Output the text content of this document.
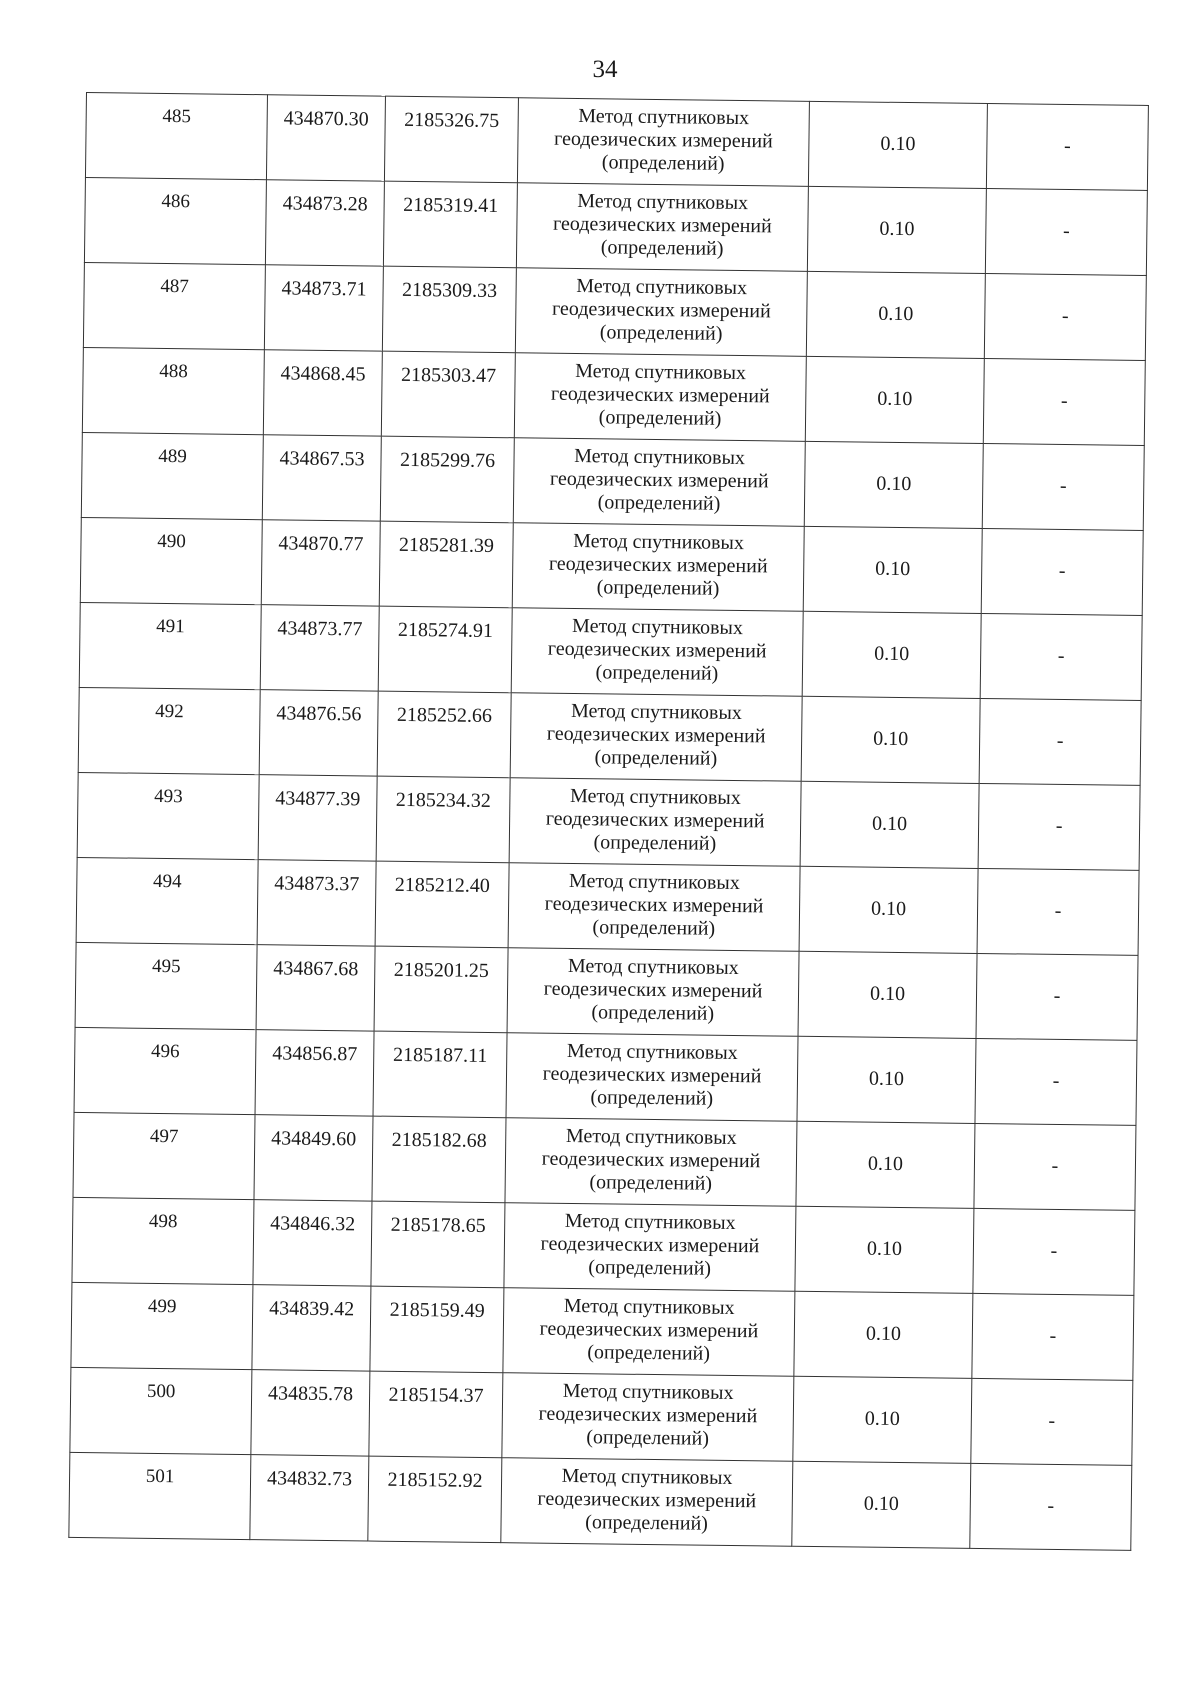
34
485	434870.30	2185326.75	Метод спутниковых
геодезических измерений
(определений)	0.10	-

486	434873.28	2185319.41	Метод спутниковых
геодезических измерений
(определений)	0.10	-

487	434873.71	2185309.33	Метод спутниковых
геодезических измерений
(определений)	0.10	-

488	434868.45	2185303.47	Метод спутниковых
геодезических измерений
(определений)	0.10	-

489	434867.53	2185299.76	Метод спутниковых
геодезических измерений
(определений)	0.10	-

490	434870.77	2185281.39	Метод спутниковых
геодезических измерений
(определений)	0.10	-

491	434873.77	2185274.91	Метод спутниковых
геодезических измерений
(определений)	0.10	-

492	434876.56	2185252.66	Метод спутниковых
геодезических измерений
(определений)	0.10	-

493	434877.39	2185234.32	Метод спутниковых
геодезических измерений
(определений)	0.10	-

494	434873.37	2185212.40	Метод спутниковых
геодезических измерений
(определений)	0.10	-

495	434867.68	2185201.25	Метод спутниковых
геодезических измерений
(определений)	0.10	-

496	434856.87	2185187.11	Метод спутниковых
геодезических измерений
(определений)	0.10	-

497	434849.60	2185182.68	Метод спутниковых
геодезических измерений
(определений)	0.10	-

498	434846.32	2185178.65	Метод спутниковых
геодезических измерений
(определений)	0.10	-

499	434839.42	2185159.49	Метод спутниковых
геодезических измерений
(определений)	0.10	-

500	434835.78	2185154.37	Метод спутниковых
геодезических измерений
(определений)	0.10	-

501	434832.73	2185152.92	Метод спутниковых
геодезических измерений
(определений)	0.10	-
